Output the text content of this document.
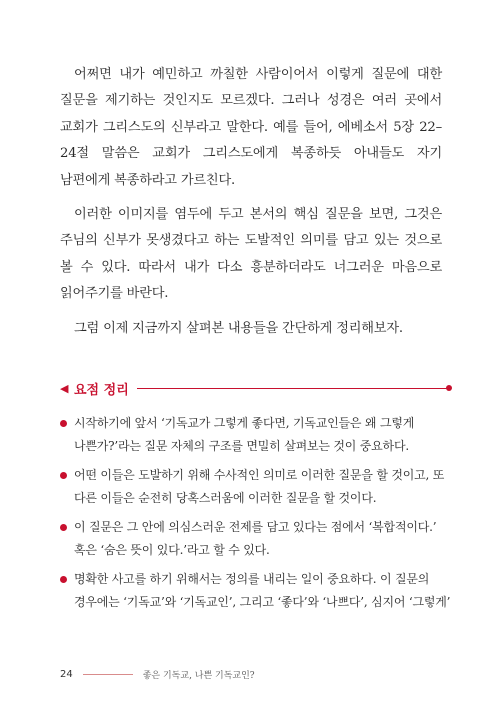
어쩌면 내가 예민하고 까칠한 사람이어서 이렇게 질문에 대한 질문을 제기하는 것인지도 모르겠다. 그러나 성경은 여러 곳에서 교회가 그리스도의 신부라고 말한다. 예를 들어, 에베소서 5장 22–24절 말씀은 교회가 그리스도에게 복종하듯 아내들도 자기 남편에게 복종하라고 가르친다.

이러한 이미지를 염두에 두고 본서의 핵심 질문을 보면, 그것은 주님의 신부가 못생겼다고 하는 도발적인 의미를 담고 있는 것으로 볼 수 있다. 따라서 내가 다소 흥분하더라도 너그러운 마음으로 읽어주기를 바란다.

그럼 이제 지금까지 살펴본 내용들을 간단하게 정리해보자.

◀ 요점 정리
시작하기에 앞서 ‘기독교가 그렇게 좋다면, 기독교인들은 왜 그렇게 나쁜가?’라는 질문 자체의 구조를 면밀히 살펴보는 것이 중요하다.
어떤 이들은 도발하기 위해 수사적인 의미로 이러한 질문을 할 것이고, 또 다른 이들은 순전히 당혹스러움에 이러한 질문을 할 것이다.
이 질문은 그 안에 의심스러운 전제를 담고 있다는 점에서 ‘복합적이다.’ 혹은 ‘숨은 뜻이 있다.’라고 할 수 있다.
명확한 사고를 하기 위해서는 정의를 내리는 일이 중요하다. 이 질문의 경우에는 ‘기독교’와 ‘기독교인’, 그리고 ‘좋다’와 ‘나쁘다’, 심지어 ‘그렇게’
24	좋은 기독교, 나쁜 기독교인?
